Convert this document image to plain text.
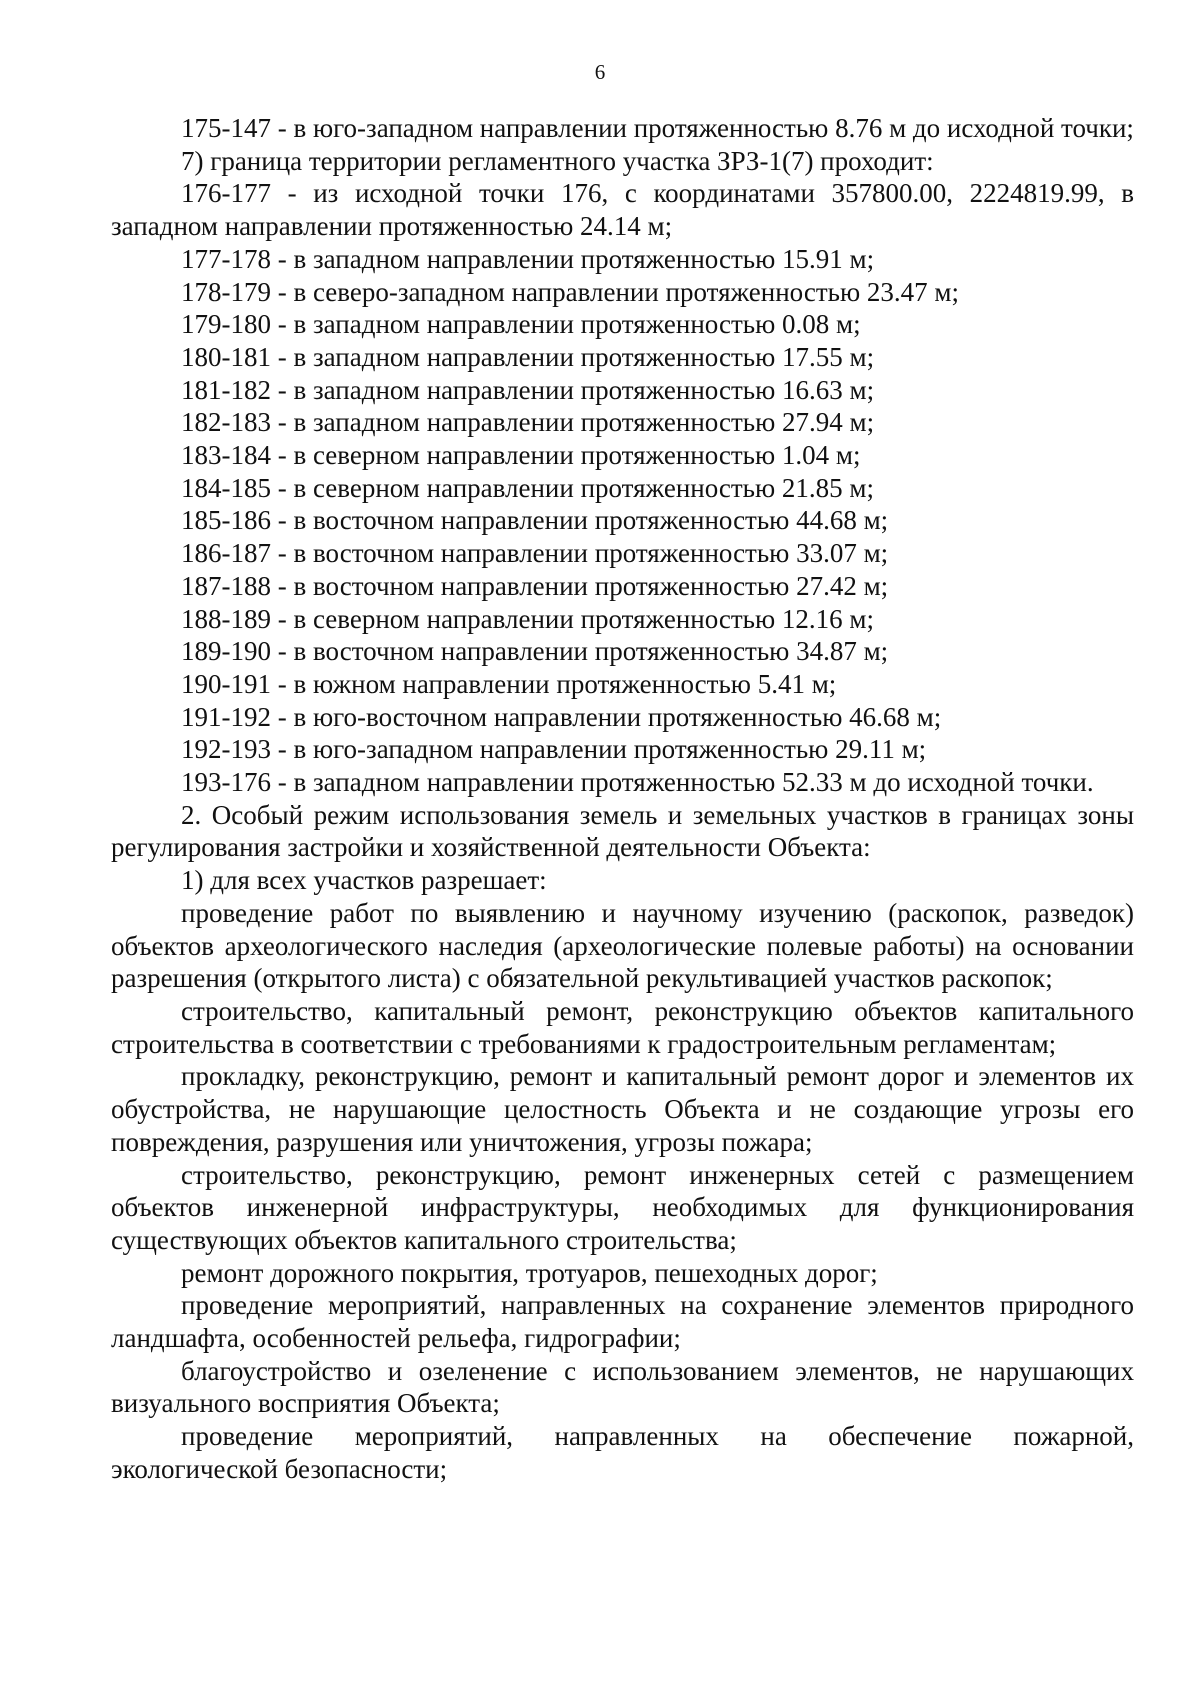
6

175-147 - в юго-западном направлении протяженностью 8.76 м до исходной точки;

7) граница территории регламентного участка ЗРЗ-1(7) проходит:

176-177 - из исходной точки 176, с координатами 357800.00, 2224819.99, в западном направлении протяженностью 24.14 м;

177-178 - в западном направлении протяженностью 15.91 м;

178-179 - в северо-западном направлении протяженностью 23.47 м;

179-180 - в западном направлении протяженностью 0.08 м;

180-181 - в западном направлении протяженностью 17.55 м;

181-182 - в западном направлении протяженностью 16.63 м;

182-183 - в западном направлении протяженностью 27.94 м;

183-184 - в северном направлении протяженностью 1.04 м;

184-185 - в северном направлении протяженностью 21.85 м;

185-186 - в восточном направлении протяженностью 44.68 м;

186-187 - в восточном направлении протяженностью 33.07 м;

187-188 - в восточном направлении протяженностью 27.42 м;

188-189 - в северном направлении протяженностью 12.16 м;

189-190 - в восточном направлении протяженностью 34.87 м;

190-191 - в южном направлении протяженностью 5.41 м;

191-192 - в юго-восточном направлении протяженностью 46.68 м;

192-193 - в юго-западном направлении протяженностью 29.11 м;

193-176 - в западном направлении протяженностью 52.33 м до исходной точки.

2. Особый режим использования земель и земельных участков в границах зоны регулирования застройки и хозяйственной деятельности Объекта:

1) для всех участков разрешает:

проведение работ по выявлению и научному изучению (раскопок, разведок) объектов археологического наследия (археологические полевые работы) на основании разрешения (открытого листа) с обязательной рекультивацией участков раскопок;

строительство, капитальный ремонт, реконструкцию объектов капитального строительства в соответствии с требованиями к градостроительным регламентам;

прокладку, реконструкцию, ремонт и капитальный ремонт дорог и элементов их обустройства, не нарушающие целостность Объекта и не создающие угрозы его повреждения, разрушения или уничтожения, угрозы пожара;

строительство, реконструкцию, ремонт инженерных сетей с размещением объектов инженерной инфраструктуры, необходимых для функционирования существующих объектов капитального строительства;

ремонт дорожного покрытия, тротуаров, пешеходных дорог;

проведение мероприятий, направленных на сохранение элементов природного ландшафта, особенностей рельефа, гидрографии;

благоустройство и озеленение с использованием элементов, не нарушающих визуального восприятия Объекта;

проведение мероприятий, направленных на обеспечение пожарной, экологической безопасности;
